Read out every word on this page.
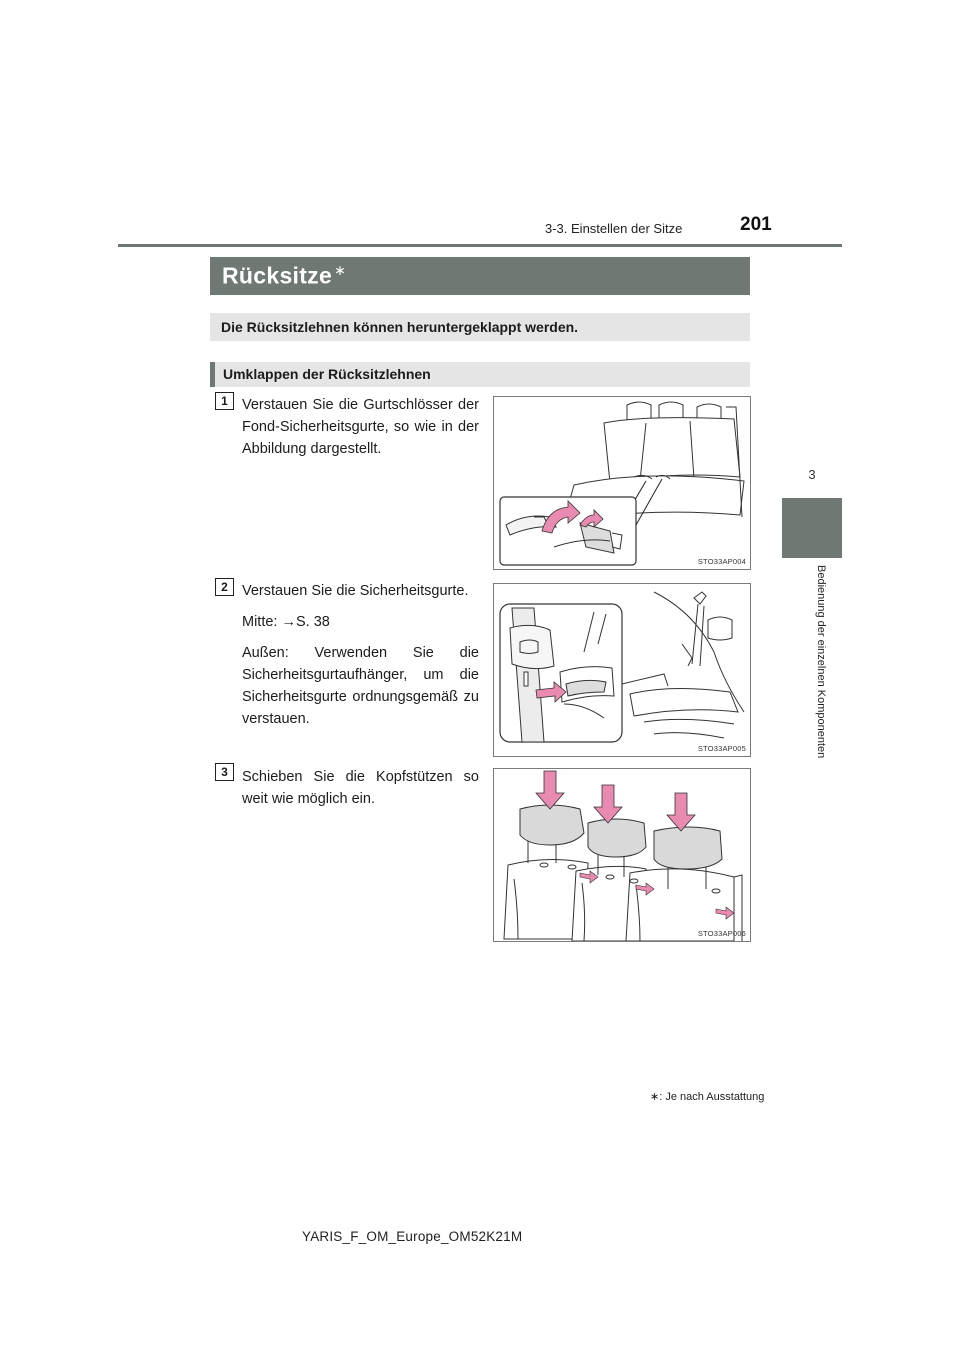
3-3. Einstellen der Sitze	201
3
Bedienung der einzelnen Komponenten
Rücksitze ∗
Die Rücksitzlehnen können heruntergeklappt werden.
Umklappen der Rücksitzlehnen
1 Verstauen Sie die Gurtschlösser der Fond-Sicherheitsgurte, so wie in der Abbildung dargestellt.

STO33AP004
2 Verstauen Sie die Sicherheitsgurte.

Mitte: →S. 38

Außen: Verwenden Sie die Sicherheitsgurtaufhänger, um die Sicherheitsgurte ordnungsgemäß zu verstauen.

STO33AP005
3 Schieben Sie die Kopfstützen so weit wie möglich ein.

STO33AP006
∗: Je nach Ausstattung
YARIS_F_OM_Europe_OM52K21M
